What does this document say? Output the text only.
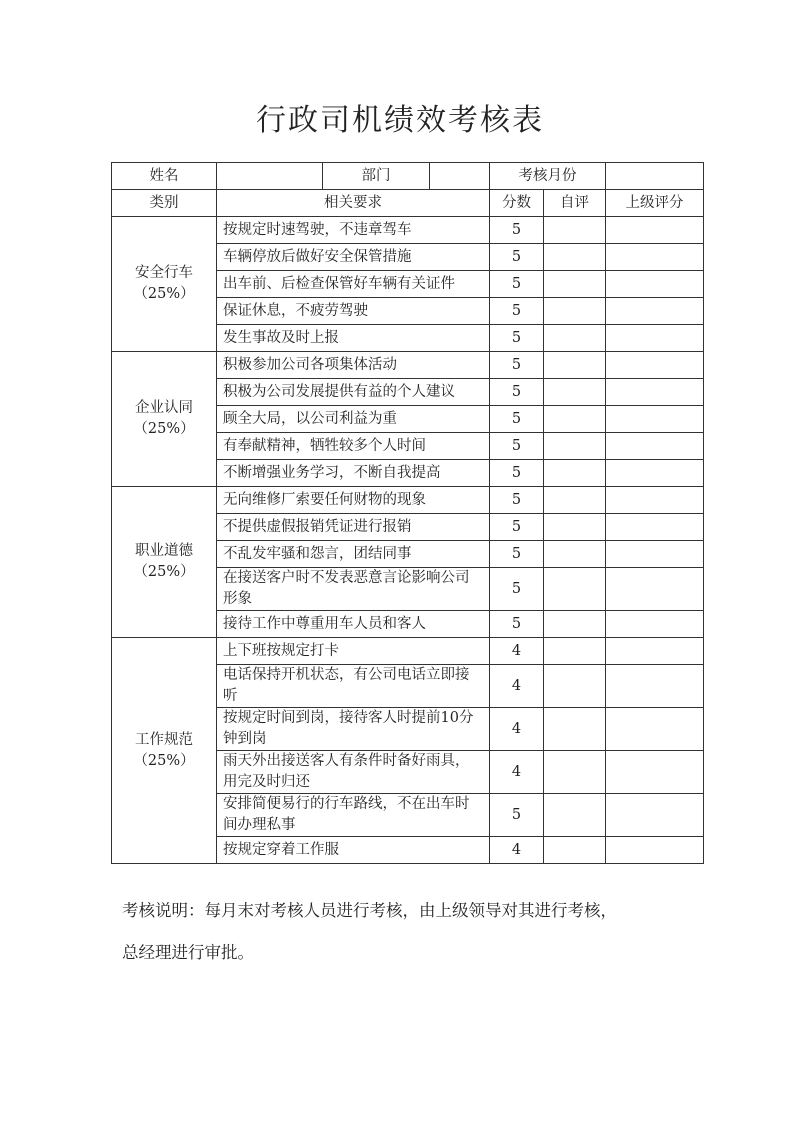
行政司机绩效考核表
姓名		部门		考核月份		
类别	相关要求			分数	自评	上级评分

安全行车
（25%）	按规定时速驾驶，不违章驾车			5		
	车辆停放后做好安全保管措施			5		
	出车前、后检查保管好车辆有关证件			5		
	保证休息，不疲劳驾驶			5		
	发生事故及时上报			5		

企业认同
（25%）	积极参加公司各项集体活动			5		
	积极为公司发展提供有益的个人建议			5		
	顾全大局，以公司利益为重			5		
	有奉献精神，牺牲较多个人时间			5		
	不断增强业务学习，不断自我提高			5		

职业道德
（25%）	无向维修厂索要任何财物的现象			5		
	不提供虚假报销凭证进行报销			5		
	不乱发牢骚和怨言，团结同事			5		
	在接送客户时不发表恶意言论影响公司形象			5		
	接待工作中尊重用车人员和客人			5		

工作规范
（25%）	上下班按规定打卡			4		
	电话保持开机状态，有公司电话立即接听			4		
	按规定时间到岗，接待客人时提前10分钟到岗			4		
	雨天外出接送客人有条件时备好雨具，用完及时归还			4		
	安排简便易行的行车路线，不在出车时间办理私事			5		
	按规定穿着工作服			4		
考核说明：每月末对考核人员进行考核，由上级领导对其进行考核，
总经理进行审批。
